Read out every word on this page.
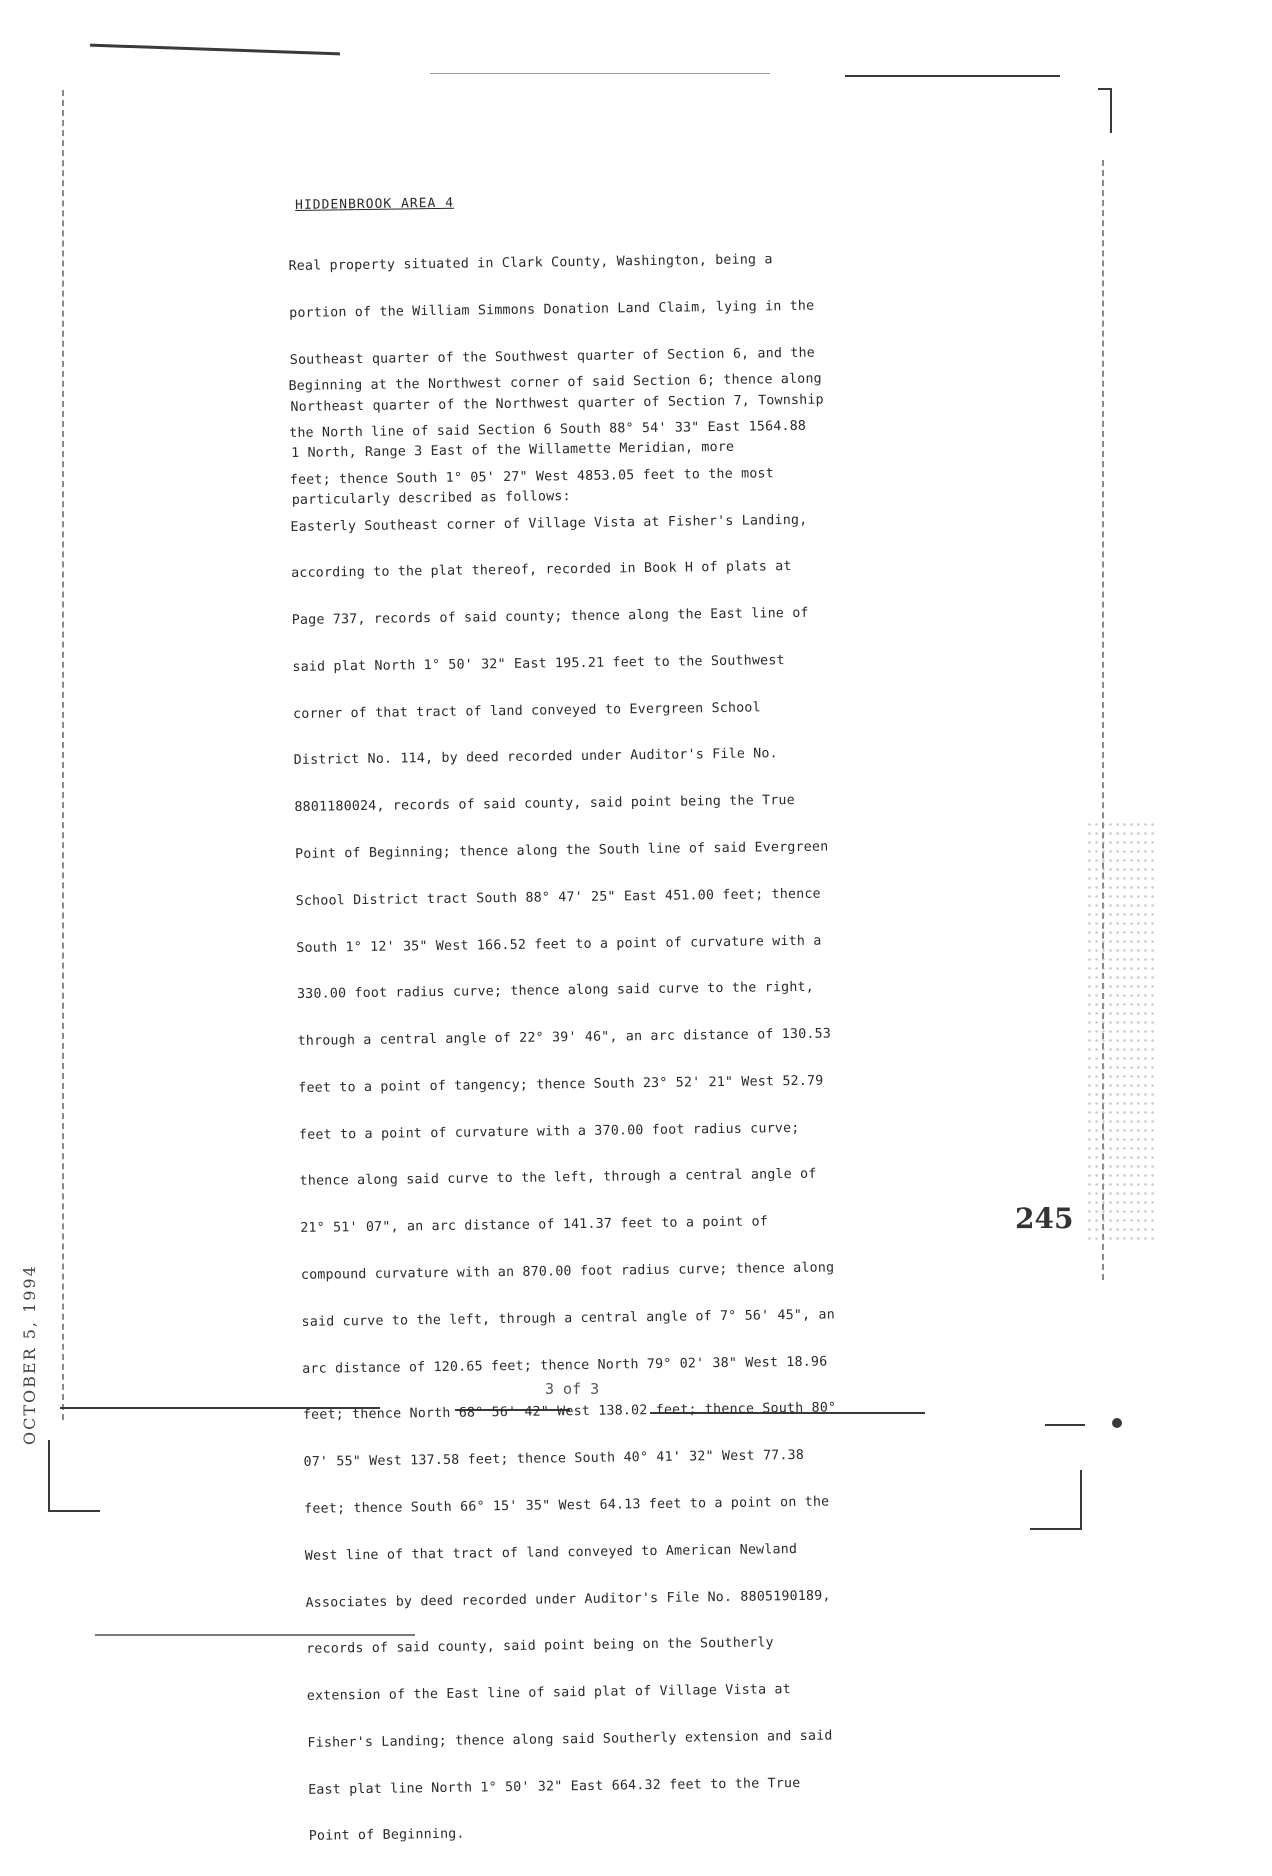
HIDDENBROOK AREA 4

Real property situated in Clark County, Washington, being a

portion of the William Simmons Donation Land Claim, lying in the

Southeast quarter of the Southwest quarter of Section 6, and the

Northeast quarter of the Northwest quarter of Section 7, Township

1 North, Range 3 East of the Willamette Meridian, more

particularly described as follows:

Beginning at the Northwest corner of said Section 6; thence along

the North line of said Section 6 South 88° 54' 33" East 1564.88

feet; thence South 1° 05' 27" West 4853.05 feet to the most

Easterly Southeast corner of Village Vista at Fisher's Landing,

according to the plat thereof, recorded in Book H of plats at

Page 737, records of said county; thence along the East line of

said plat North 1° 50' 32" East 195.21 feet to the Southwest

corner of that tract of land conveyed to Evergreen School

District No. 114, by deed recorded under Auditor's File No.

8801180024, records of said county, said point being the True

Point of Beginning; thence along the South line of said Evergreen

School District tract South 88° 47' 25" East 451.00 feet; thence

South 1° 12' 35" West 166.52 feet to a point of curvature with a

330.00 foot radius curve; thence along said curve to the right,

through a central angle of 22° 39' 46", an arc distance of 130.53

feet to a point of tangency; thence South 23° 52' 21" West 52.79

feet to a point of curvature with a 370.00 foot radius curve;

thence along said curve to the left, through a central angle of

21° 51' 07", an arc distance of 141.37 feet to a point of

compound curvature with an 870.00 foot radius curve; thence along

said curve to the left, through a central angle of 7° 56' 45", an

arc distance of 120.65 feet; thence North 79° 02' 38" West 18.96

feet; thence North 68° 56' 42" West 138.02 feet; thence South 80°

07' 55" West 137.58 feet; thence South 40° 41' 32" West 77.38

feet; thence South 66° 15' 35" West 64.13 feet to a point on the

West line of that tract of land conveyed to American Newland

Associates by deed recorded under Auditor's File No. 8805190189,

records of said county, said point being on the Southerly

extension of the East line of said plat of Village Vista at

Fisher's Landing; thence along said Southerly extension and said

East plat line North 1° 50' 32" East 664.32 feet to the True

Point of Beginning.

245
3 of 3
OCTOBER 5, 1994
